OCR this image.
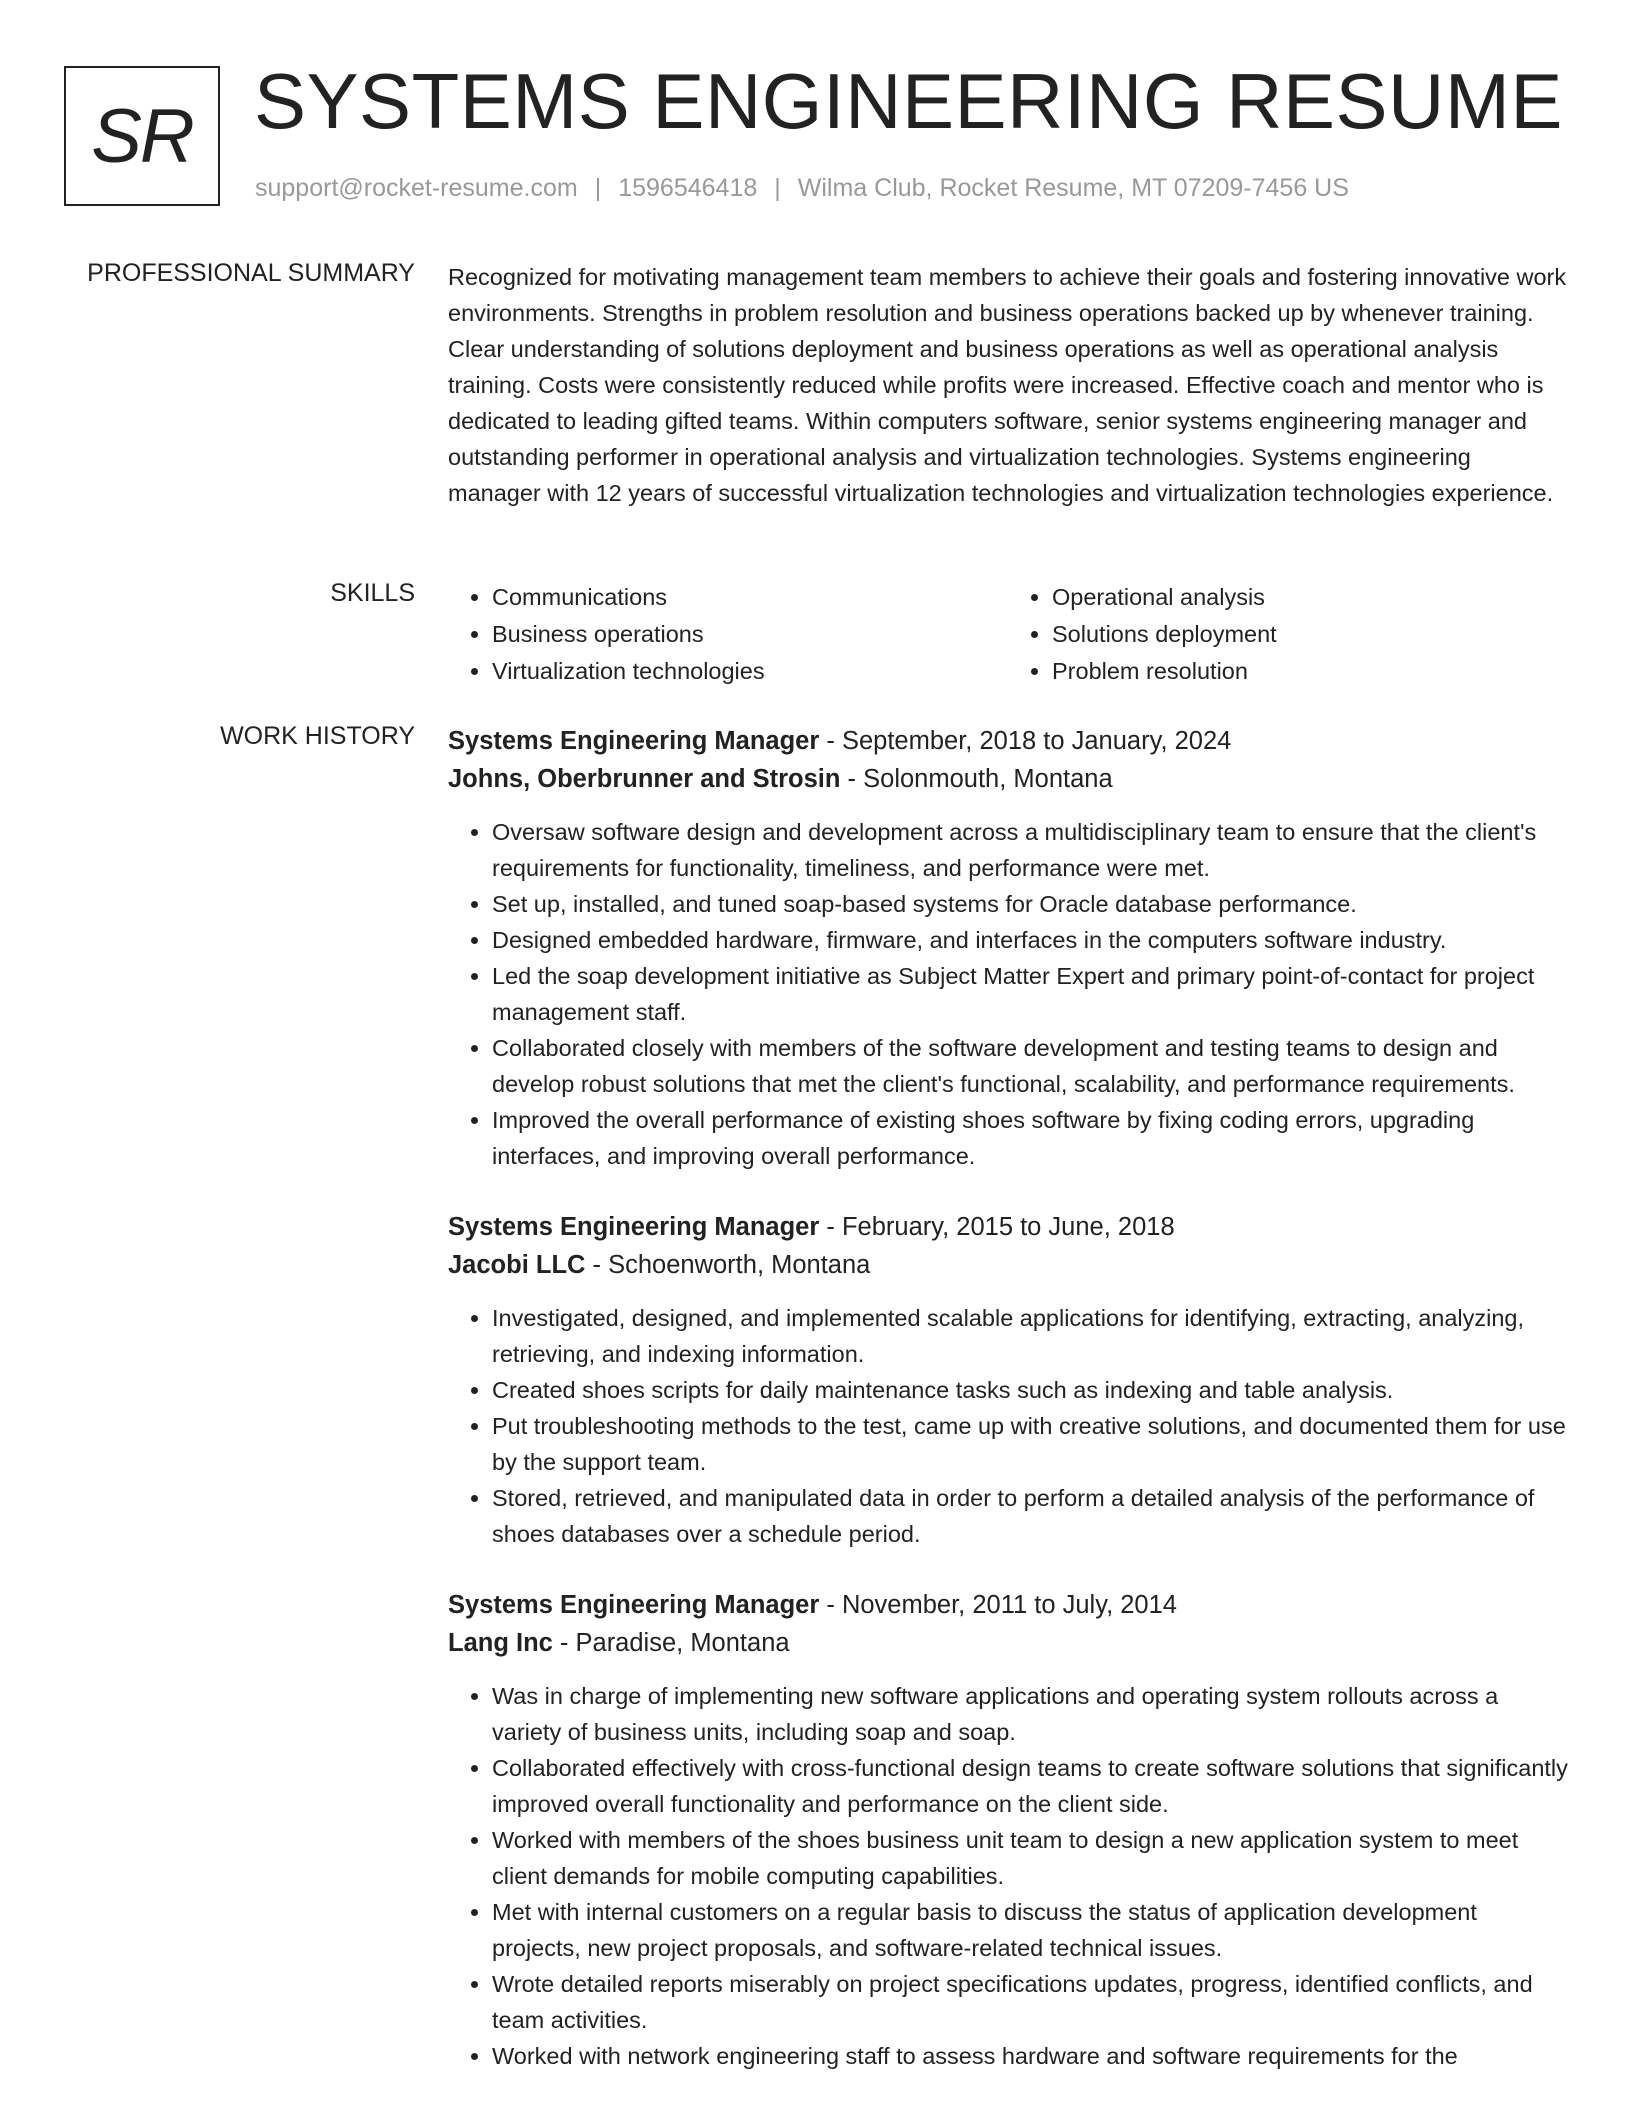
SR SYSTEMS ENGINEERING RESUME
support@rocket-resume.com | 1596546418 | Wilma Club, Rocket Resume, MT 07209-7456 US
PROFESSIONAL SUMMARY Recognized for motivating management team members to achieve their goals and fostering innovative work environments. Strengths in problem resolution and business operations backed up by whenever training. Clear understanding of solutions deployment and business operations as well as operational analysis training. Costs were consistently reduced while profits were increased. Effective coach and mentor who is dedicated to leading gifted teams. Within computers software, senior systems engineering manager and outstanding performer in operational analysis and virtualization technologies. Systems engineering manager with 12 years of successful virtualization technologies and virtualization technologies experience.

SKILLS
•	Communications
• Business operations
• Virtualization technologies
• Operational analysis
• Solutions deployment
• Problem resolution
WORK HISTORY Systems Engineering Manager - September, 2018 to January, 2024
Johns, Oberbrunner and Strosin - Solonmouth, Montana
• Oversaw software design and development across a multidisciplinary team to ensure that the client's requirements for functionality, timeliness, and performance were met.
• Set up, installed, and tuned soap-based systems for Oracle database performance.
• Designed embedded hardware, firmware, and interfaces in the computers software industry.
• Led the soap development initiative as Subject Matter Expert and primary point-of-contact for project management staff.
• Collaborated closely with members of the software development and testing teams to design and develop robust solutions that met the client's functional, scalability, and performance requirements.
• Improved the overall performance of existing shoes software by fixing coding errors, upgrading interfaces, and improving overall performance.
Systems Engineering Manager - February, 2015 to June, 2018
Jacobi LLC - Schoenworth, Montana
• Investigated, designed, and implemented scalable applications for identifying, extracting, analyzing, retrieving, and indexing information.
• Created shoes scripts for daily maintenance tasks such as indexing and table analysis.
• Put troubleshooting methods to the test, came up with creative solutions, and documented them for use by the support team.
• Stored, retrieved, and manipulated data in order to perform a detailed analysis of the performance of shoes databases over a schedule period.
Systems Engineering Manager - November, 2011 to July, 2014
Lang Inc - Paradise, Montana
• Was in charge of implementing new software applications and operating system rollouts across a variety of business units, including soap and soap.
• Collaborated effectively with cross-functional design teams to create software solutions that significantly improved overall functionality and performance on the client side.
• Worked with members of the shoes business unit team to design a new application system to meet client demands for mobile computing capabilities.
• Met with internal customers on a regular basis to discuss the status of application development projects, new project proposals, and software-related technical issues.
• Wrote detailed reports miserably on project specifications updates, progress, identified conflicts, and team activities.
• Worked with network engineering staff to assess hardware and software requirements for the
